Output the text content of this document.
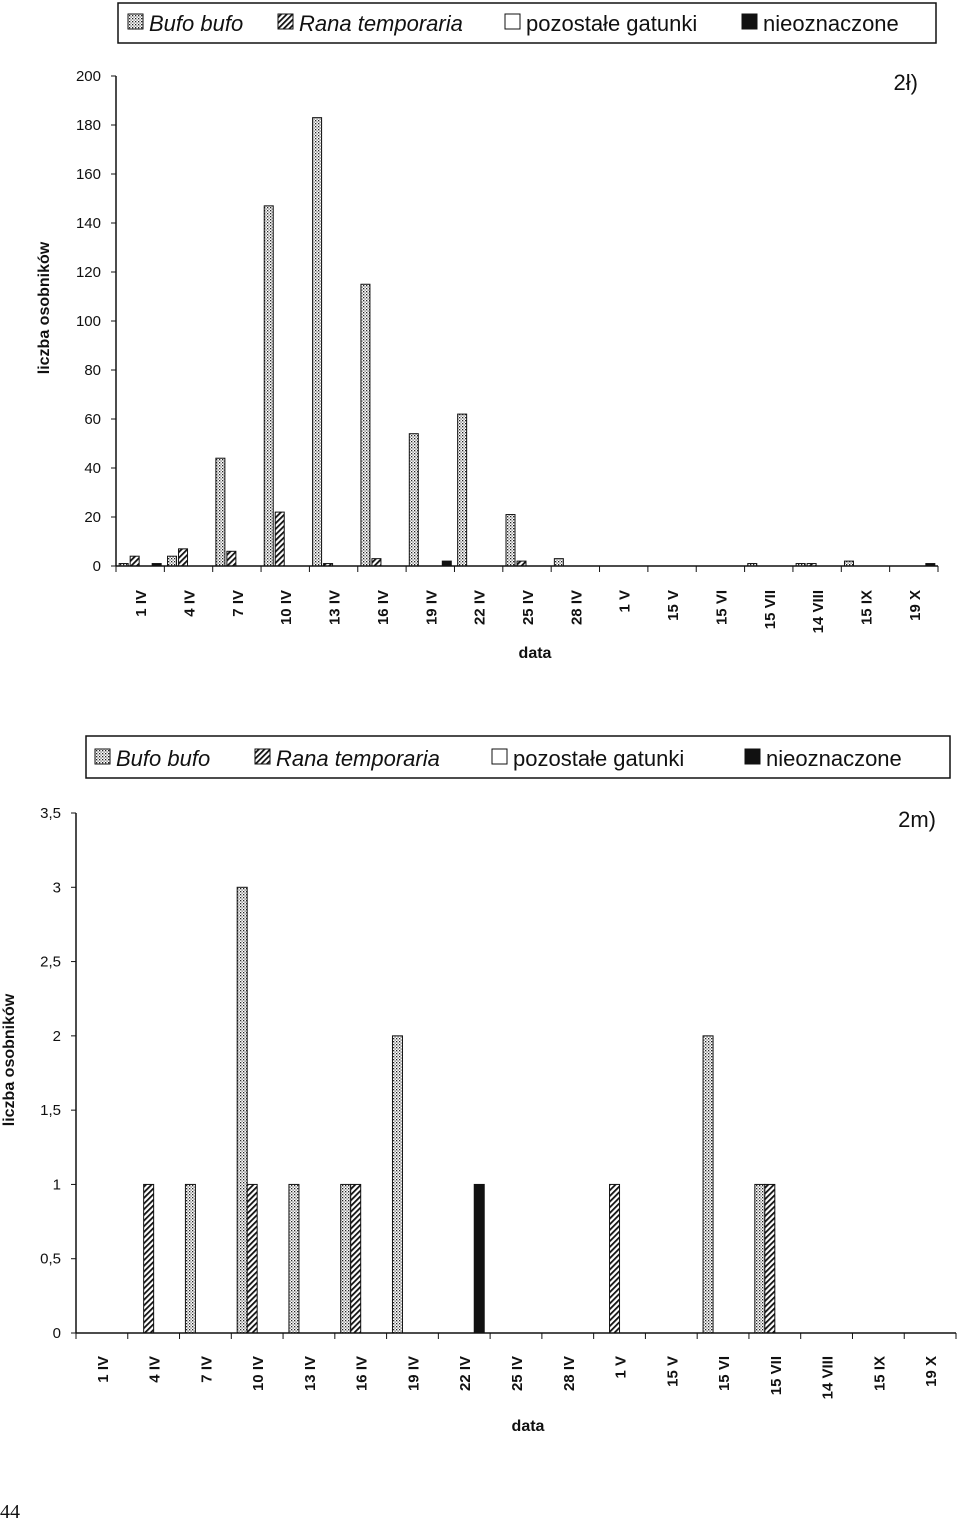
Bufo bufo	Rana temporaria	pozostałe gatunki	nieoznaczone
2ł)
liczba osobników
data
0
20
40
60
80
100
120
140
160
180
200
1 IV 4 IV 7 IV 10 IV 13 IV 16 IV 19 IV 22 IV 25 IV 28 IV 1 V 15 V 15 VI 15 VII 14 VIII 15 IX 19 X
Bufo bufo	Rana temporaria	pozostałe gatunki	nieoznaczone
2m)
liczba osobników
data
0
0,5
1
1,5
2
2,5
3
3,5
1 IV 4 IV 7 IV 10 IV 13 IV 16 IV 19 IV 22 IV 25 IV 28 IV 1 V 15 V 15 VI 15 VII 14 VIII 15 IX 19 X
44
